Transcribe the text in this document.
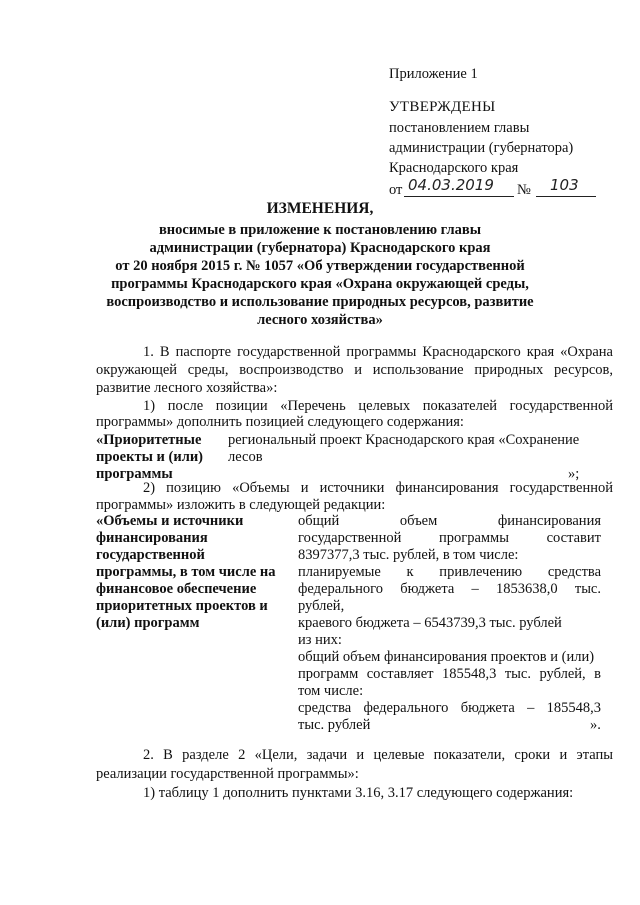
Приложение 1
УТВЕРЖДЕНЫ
постановлением главы
администрации (губернатора)
Краснодарского края
от 04.03.2019 № 103
ИЗМЕНЕНИЯ,
вносимые в приложение к постановлению главы
администрации (губернатора) Краснодарского края
от 20 ноября 2015 г. № 1057 «Об утверждении государственной
программы Краснодарского края «Охрана окружающей среды,
воспроизводство и использование природных ресурсов, развитие
лесного хозяйства»
1. В паспорте государственной программы Краснодарского края «Охрана
окружающей среды, воспроизводство и использование природных ресурсов,
развитие лесного хозяйства»:
1) после позиции «Перечень целевых показателей государственной
программы» дополнить позицией следующего содержания:
«Приоритетные
проекты и (или)
программы
региональный проект Краснодарского края «Сохранение
лесов
»;
2) позицию «Объемы и источники финансирования государственной
программы» изложить в следующей редакции:
«Объемы и источники
финансирования
государственной
программы, в том числе на
финансовое обеспечение
приоритетных проектов и
(или) программ
общий объем финансирования
государственной программы составит
8397377,3 тыс. рублей, в том числе:
планируемые к привлечению средства
федерального бюджета – 1853638,0 тыс.
рублей,
краевого бюджета – 6543739,3 тыс. рублей
из них:
общий объем финансирования проектов и (или)
программ составляет 185548,3 тыс. рублей, в
том числе:
средства федерального бюджета – 185548,3
тыс. рублей	».
2. В разделе 2 «Цели, задачи и целевые показатели, сроки и этапы
реализации государственной программы»:
1) таблицу 1 дополнить пунктами 3.16, 3.17 следующего содержания:
